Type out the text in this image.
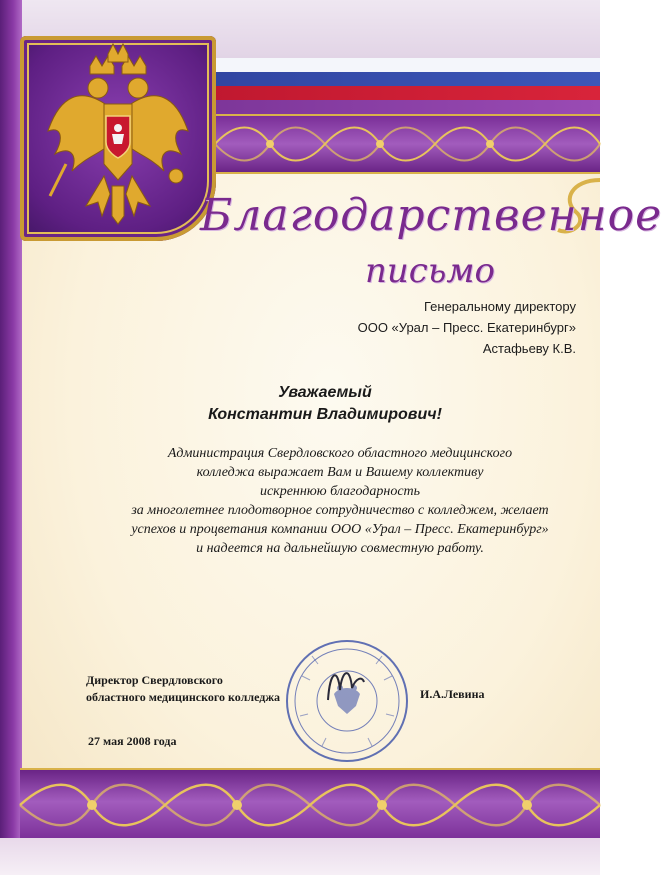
Благодарственное
письмо
Генеральному директору
ООО «Урал – Пресс. Екатеринбург»
Астафьеву К.В.
Уважаемый
Константин Владимирович!
Администрация Свердловского областного медицинского
колледжа выражает Вам и Вашему коллективу
искреннюю благодарность
за многолетнее плодотворное сотрудничество с колледжем, желает
успехов и процветания компании ООО «Урал – Пресс. Екатеринбург»
и надеется на дальнейшую совместную работу.
Директор Свердловского
областного медицинского колледжа	И.А.Левина
27 мая 2008 года
